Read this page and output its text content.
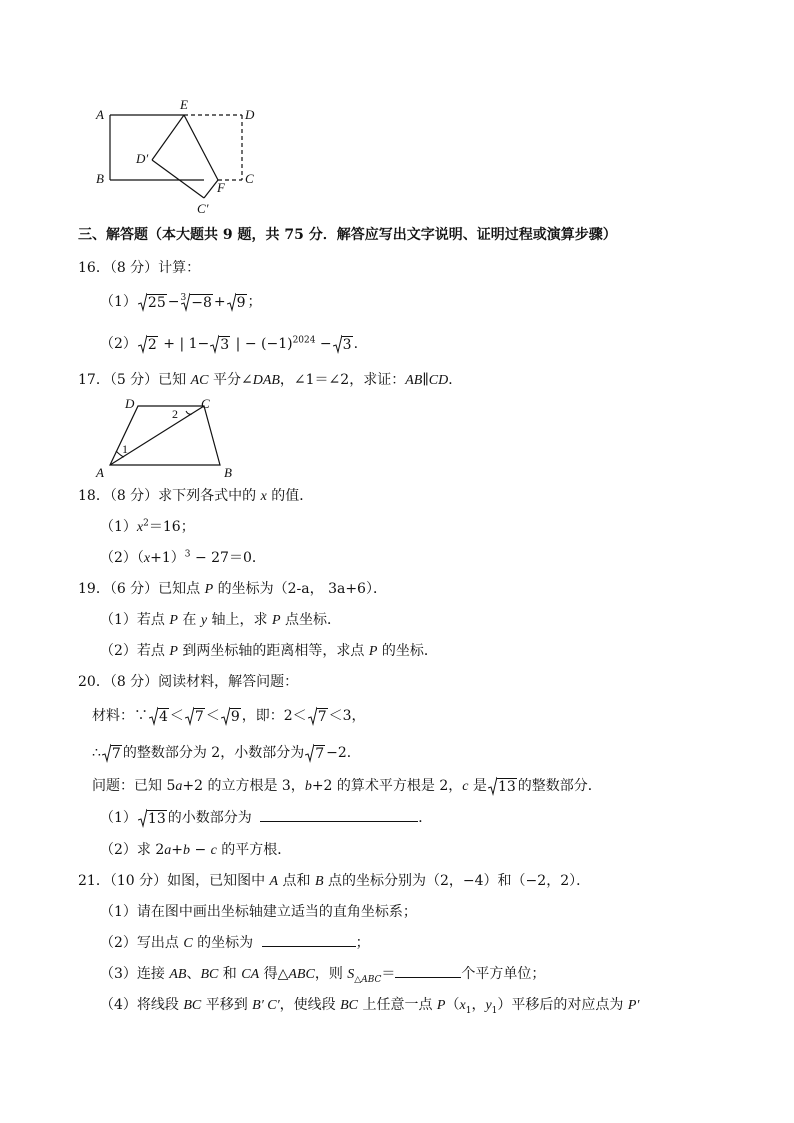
A
E
D
D′
B
F
C
C′
三、解答题（本大题共 9 题，共 75 分．解答应写出文字说明、证明过程或演算步骤）
16．（8 分）计算：
（1） 25 −$^3$ −8 + 9 ；
（2） 2 + | 1− 3 | − $(-1)^{2024} - 3$ .
17．（5 分）已知 AC 平分∠DAB，∠1＝∠2，求证：AB∥CD．
D	C
A	B
1
2
18．（8 分）求下列各式中的 x 的值．
$(1)x^2=16$；
$(2)(x+1)^3 - 27=0$．
19．（6 分）已知点 P 的坐标为（2-a， 3a+6）．
（1）若点 P 在 y 轴上，求 P 点坐标．
（2）若点 P 到两坐标轴的距离相等，求点 P 的坐标．
20．（8 分）阅读材料，解答问题：
材料：∵ 4 ＜ 7 ＜ 9 ，即：2＜ 7 ＜3，
∴ 7 的整数部分为 2，小数部分为 7 −2．
问题：已知 5a+2 的立方根是 3，b+2 的算术平方根是 2，c 是 13 的整数部分．
（1） 13 的小数部分为	．
（2）求 2a+b − c 的平方根．
21．（10 分）如图，已知图中 A 点和 B 点的坐标分别为（2，−4）和（−2，2）．
（1）请在图中画出坐标轴建立适当的直角坐标系；
（2）写出点 C 的坐标为	；
（3）连接 AB、BC 和 CA 得△ABC，则 $S_{\triangle ABC}=$	个平方单位；
（4）将线段 BC 平移到 B′ C′，使线段 BC 上任意一点 $P(x_1$，$y_1$）平移后的对应点为 P′
